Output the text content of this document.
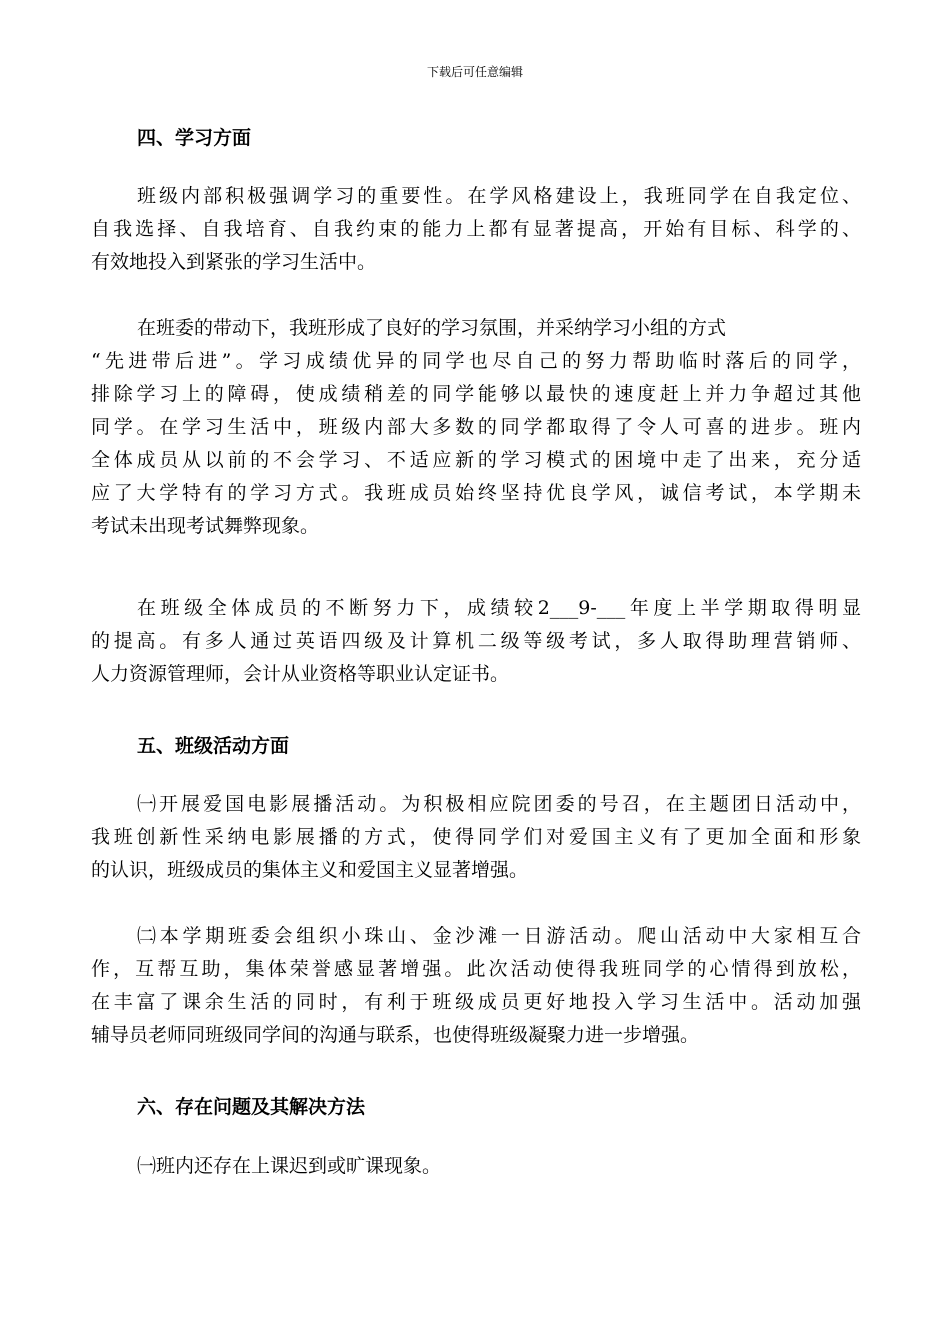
下载后可任意编辑
四、学习方面
班级内部积极强调学习的重要性。在学风格建设上，我班同学在自我定位、
自我选择、自我培育、自我约束的能力上都有显著提高，开始有目标、科学的、
有效地投入到紧张的学习生活中。
在班委的带动下，我班形成了良好的学习氛围，并采纳学习小组的方式
“先进带后进”。学习成绩优异的同学也尽自己的努力帮助临时落后的同学，
排除学习上的障碍，使成绩稍差的同学能够以最快的速度赶上并力争超过其他
同学。在学习生活中，班级内部大多数的同学都取得了令人可喜的进步。班内
全体成员从以前的不会学习、不适应新的学习模式的困境中走了出来，充分适
应了大学特有的学习方式。我班成员始终坚持优良学风，诚信考试，本学期未
考试未出现考试舞弊现象。
在班级全体成员的不断努力下，成绩较2___9-___年度上半学期取得明显
的提高。有多人通过英语四级及计算机二级等级考试，多人取得助理营销师、
人力资源管理师，会计从业资格等职业认定证书。
五、班级活动方面
㈠开展爱国电影展播活动。为积极相应院团委的号召，在主题团日活动中，
我班创新性采纳电影展播的方式，使得同学们对爱国主义有了更加全面和形象
的认识，班级成员的集体主义和爱国主义显著增强。
㈡本学期班委会组织小珠山、金沙滩一日游活动。爬山活动中大家相互合
作，互帮互助，集体荣誉感显著增强。此次活动使得我班同学的心情得到放松，
在丰富了课余生活的同时，有利于班级成员更好地投入学习生活中。活动加强
辅导员老师同班级同学间的沟通与联系，也使得班级凝聚力进一步增强。
六、存在问题及其解决方法
㈠班内还存在上课迟到或旷课现象。
